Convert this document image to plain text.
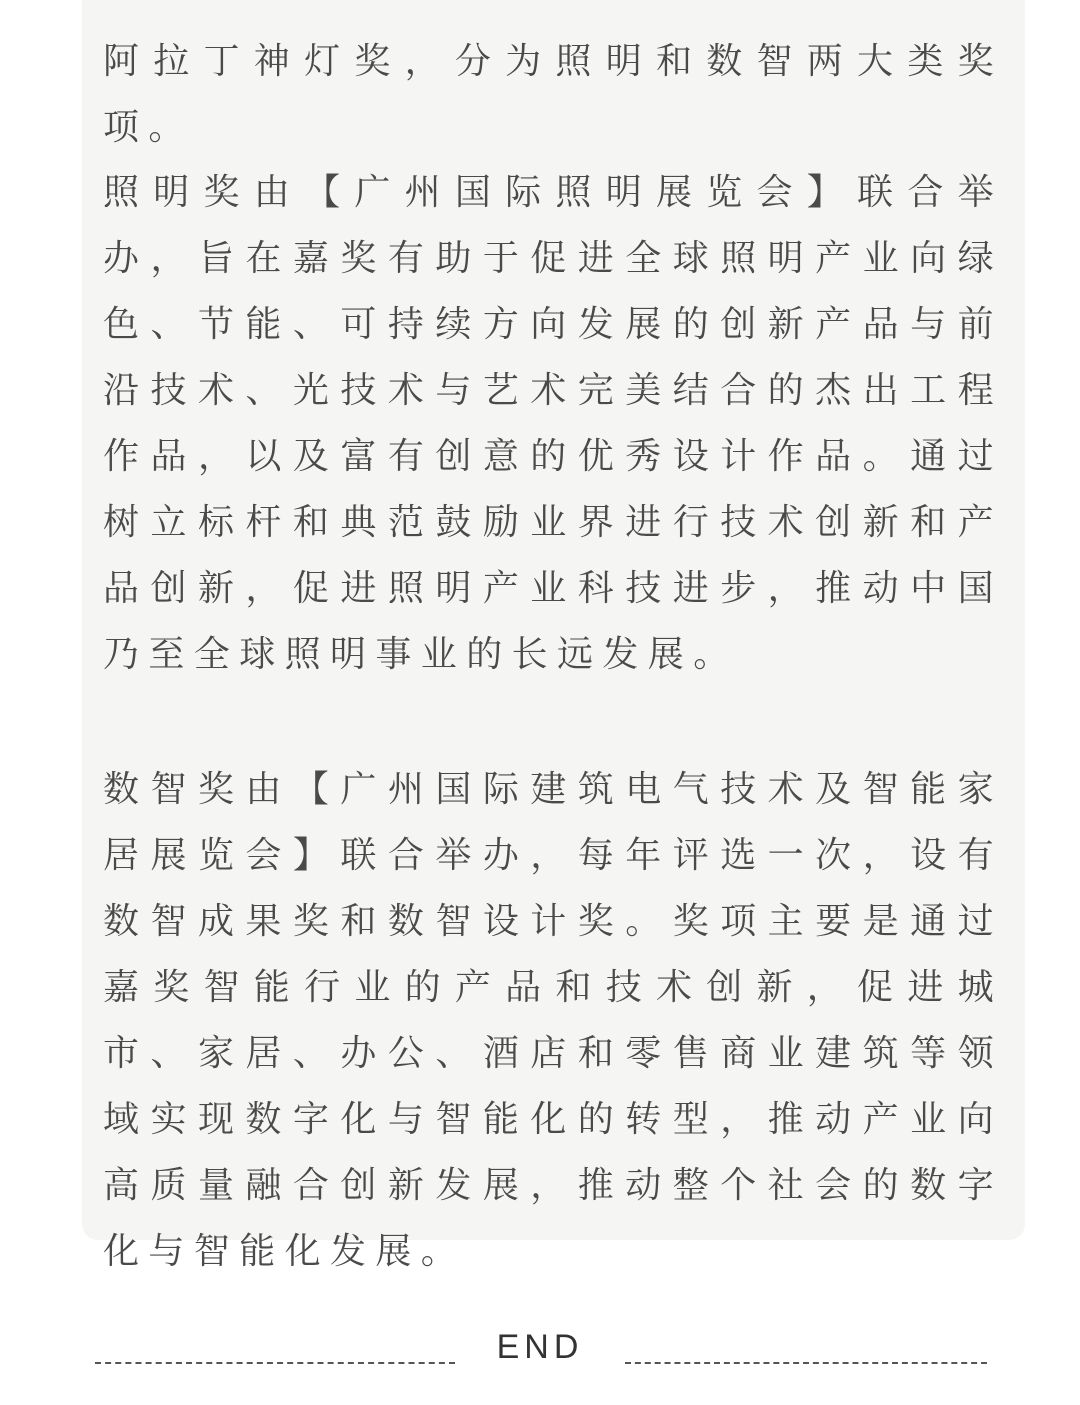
阿拉丁神灯奖，分为照明和数智两大类奖项。

照明奖由【广州国际照明展览会】联合举办，旨在嘉奖有助于促进全球照明产业向绿色、节能、可持续方向发展的创新产品与前沿技术、光技术与艺术完美结合的杰出工程作品，以及富有创意的优秀设计作品。通过树立标杆和典范鼓励业界进行技术创新和产品创新，促进照明产业科技进步，推动中国乃至全球照明事业的长远发展。

数智奖由【广州国际建筑电气技术及智能家居展览会】联合举办，每年评选一次，设有数智成果奖和数智设计奖。奖项主要是通过嘉奖智能行业的产品和技术创新，促进城市、家居、办公、酒店和零售商业建筑等领域实现数字化与智能化的转型，推动产业向高质量融合创新发展，推动整个社会的数字化与智能化发展。

END
